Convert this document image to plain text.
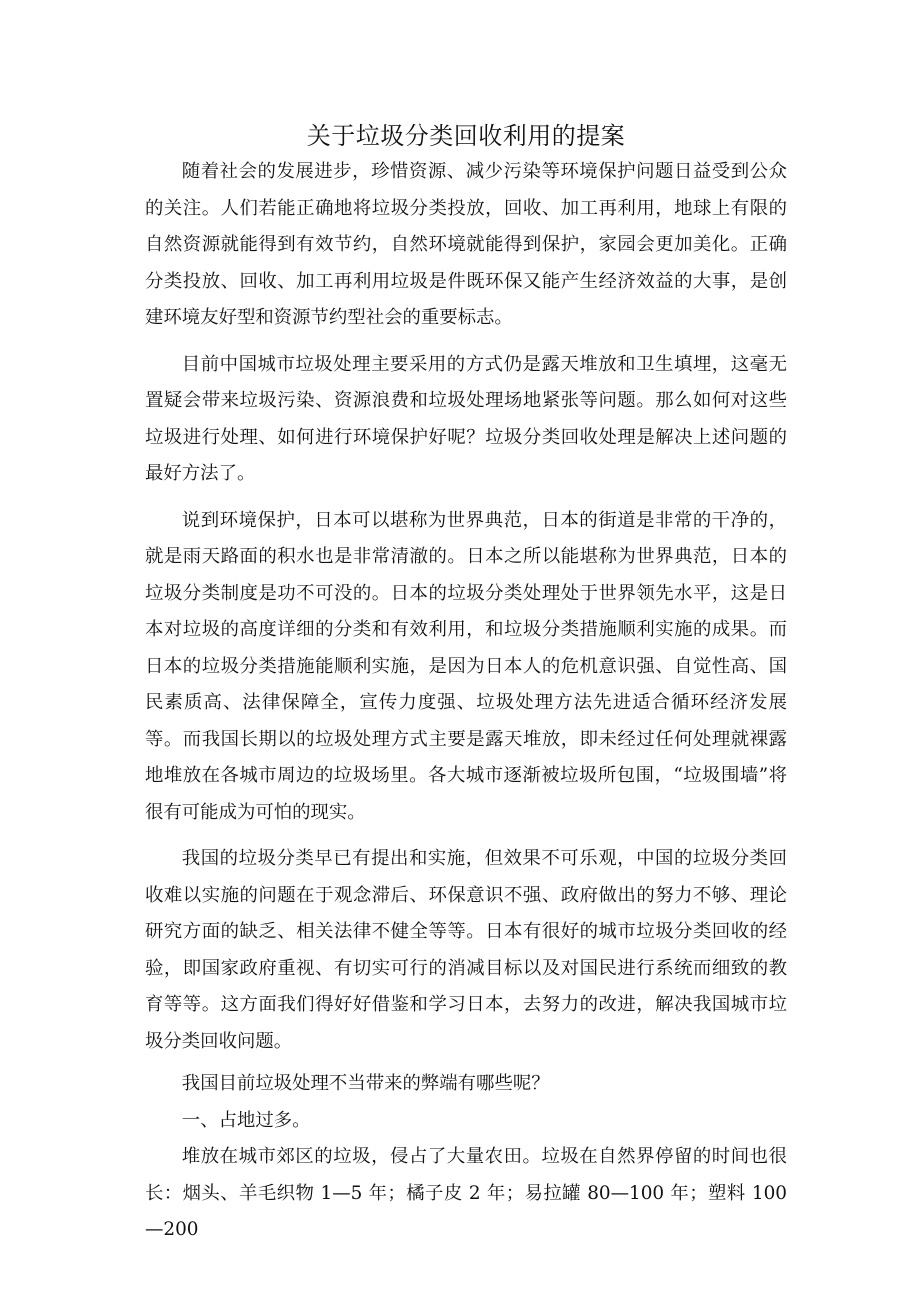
关于垃圾分类回收利用的提案

随着社会的发展进步，珍惜资源、减少污染等环境保护问题日益受到公众的关注。人们若能正确地将垃圾分类投放，回收、加工再利用，地球上有限的自然资源就能得到有效节约，自然环境就能得到保护，家园会更加美化。正确分类投放、回收、加工再利用垃圾是件既环保又能产生经济效益的大事，是创建环境友好型和资源节约型社会的重要标志。

目前中国城市垃圾处理主要采用的方式仍是露天堆放和卫生填埋，这毫无置疑会带来垃圾污染、资源浪费和垃圾处理场地紧张等问题。那么如何对这些垃圾进行处理、如何进行环境保护好呢？垃圾分类回收处理是解决上述问题的最好方法了。

说到环境保护，日本可以堪称为世界典范，日本的街道是非常的干净的，就是雨天路面的积水也是非常清澈的。日本之所以能堪称为世界典范，日本的垃圾分类制度是功不可没的。日本的垃圾分类处理处于世界领先水平，这是日本对垃圾的高度详细的分类和有效利用，和垃圾分类措施顺利实施的成果。而日本的垃圾分类措施能顺利实施，是因为日本人的危机意识强、自觉性高、国民素质高、法律保障全，宣传力度强、垃圾处理方法先进适合循环经济发展等。而我国长期以的垃圾处理方式主要是露天堆放，即未经过任何处理就裸露地堆放在各城市周边的垃圾场里。各大城市逐渐被垃圾所包围，“垃圾围墙”将很有可能成为可怕的现实。

我国的垃圾分类早已有提出和实施，但效果不可乐观，中国的垃圾分类回收难以实施的问题在于观念滞后、环保意识不强、政府做出的努力不够、理论研究方面的缺乏、相关法律不健全等等。日本有很好的城市垃圾分类回收的经验，即国家政府重视、有切实可行的消减目标以及对国民进行系统而细致的教育等等。这方面我们得好好借鉴和学习日本，去努力的改进，解决我国城市垃圾分类回收问题。

我国目前垃圾处理不当带来的弊端有哪些呢？

一、占地过多。

堆放在城市郊区的垃圾，侵占了大量农田。垃圾在自然界停留的时间也很长：烟头、羊毛织物 1—5 年；橘子皮 2 年；易拉罐 80—100 年；塑料 100—200
